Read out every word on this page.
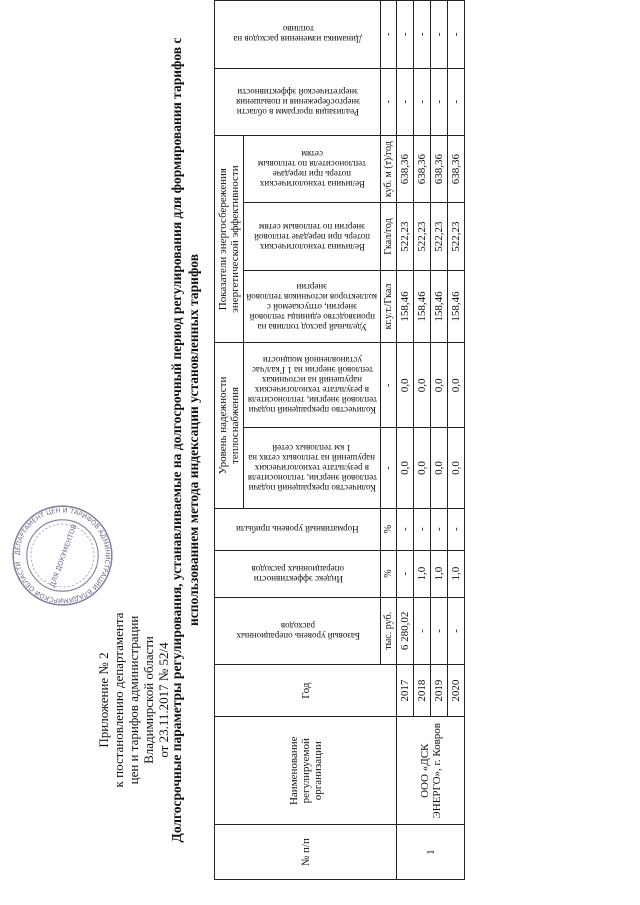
Приложение № 2 к постановлению департамента цен и тарифов администрации Владимирской области от 23.11.2017 № 52/4
Долгосрочные параметры регулирования, устанавливаемые на долгосрочный период регулирования для формирования тарифов с использованием метода индексации установленных тарифов
№ п/п	Наименование регулируемой организации	Год	Базовый уровень операционных расходов	Индекс эффективности операционных расходов	Нормативный уровень прибыли	Уровень надежности теплоснабжения		Показатели энергосбережения энергетической эффективности			Реализация программ в области энергосбережения и повышения энергетической эффективности	Динамика изменения расходов на топливо

						Количество прекращений подачи тепловой энергии, теплоносителя в результате технологических нарушений на тепловых сетях на 1 км тепловых сетей	Количество прекращений подачи тепловой энергии, теплоносителя в результате технологических нарушений на источниках тепловой энергии на 1 Гкал/час установленной мощности	Удельный расход топлива на производство единицы тепловой энергии, отпускаемой с коллекторов источников тепловой энергии	Величина технологических потерь при передаче тепловой энергии по тепловым сетям	Величина технологических потерь при передаче теплоносителя по тепловым сетям		

			тыс. руб.	%	%	-	-	кг.у.т./Гкал	Гкал/год	куб. м (т)/год	-	-
1	ООО «ДСК ЭНЕРГО», г. Ковров	2017	6 280,02	-	-	0,0	0,0	158,46	522,23	638,36	-	-
		2018	-	1,0	-	0,0	0,0	158,46	522,23	638,36	-	-
		2019	-	1,0	-	0,0	0,0	158,46	522,23	638,36	-	-
		2020	-	1,0	-	0,0	0,0	158,46	522,23	638,36	-	-
ДЕПАРТАМЕНТ ЦЕН И ТАРИФОВ АДМИНИСТРАЦИИ ВЛАДИМИРСКОЙ ОБЛАСТИ	ДЛЯ ДОКУМЕНТОВ
